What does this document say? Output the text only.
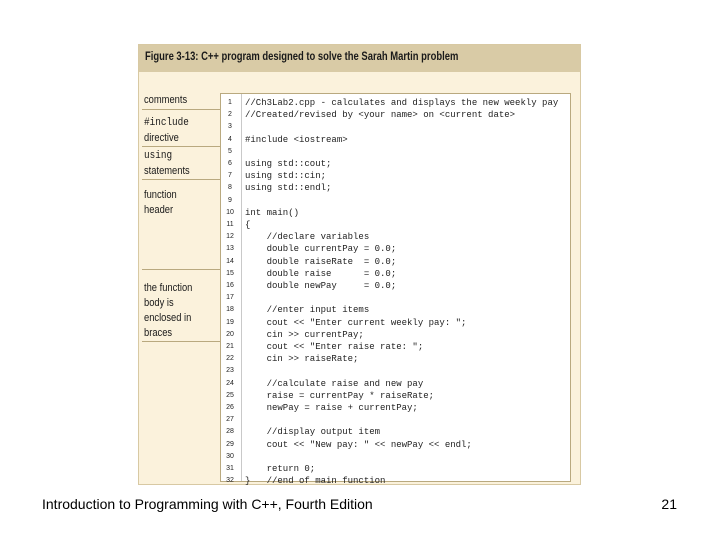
Figure 3-13: C++ program designed to solve the Sarah Martin problem
comments
#include
directive
using
statements
function
header
the function
body is
enclosed in
braces
1	//Ch3Lab2.cpp - calculates and displays the new weekly pay
2	//Created/revised by <your name> on <current date>
3
4	#include <iostream>
5
6	using std::cout;
7	using std::cin;
8	using std::endl;
9
10	int main()
11	{
12	//declare variables
13	double currentPay = 0.0;
14	double raiseRate  = 0.0;
15	double raise      = 0.0;
16	double newPay     = 0.0;
17
18	//enter input items
19	cout << "Enter current weekly pay: ";
20	cin >> currentPay;
21	cout << "Enter raise rate: ";
22	cin >> raiseRate;
23
24	//calculate raise and new pay
25	raise = currentPay * raiseRate;
26	newPay = raise + currentPay;
27
28	//display output item
29	cout << "New pay: " << newPay << endl;
30
31	return 0;
32	}   //end of main function
Introduction to Programming with C++, Fourth Edition	21
